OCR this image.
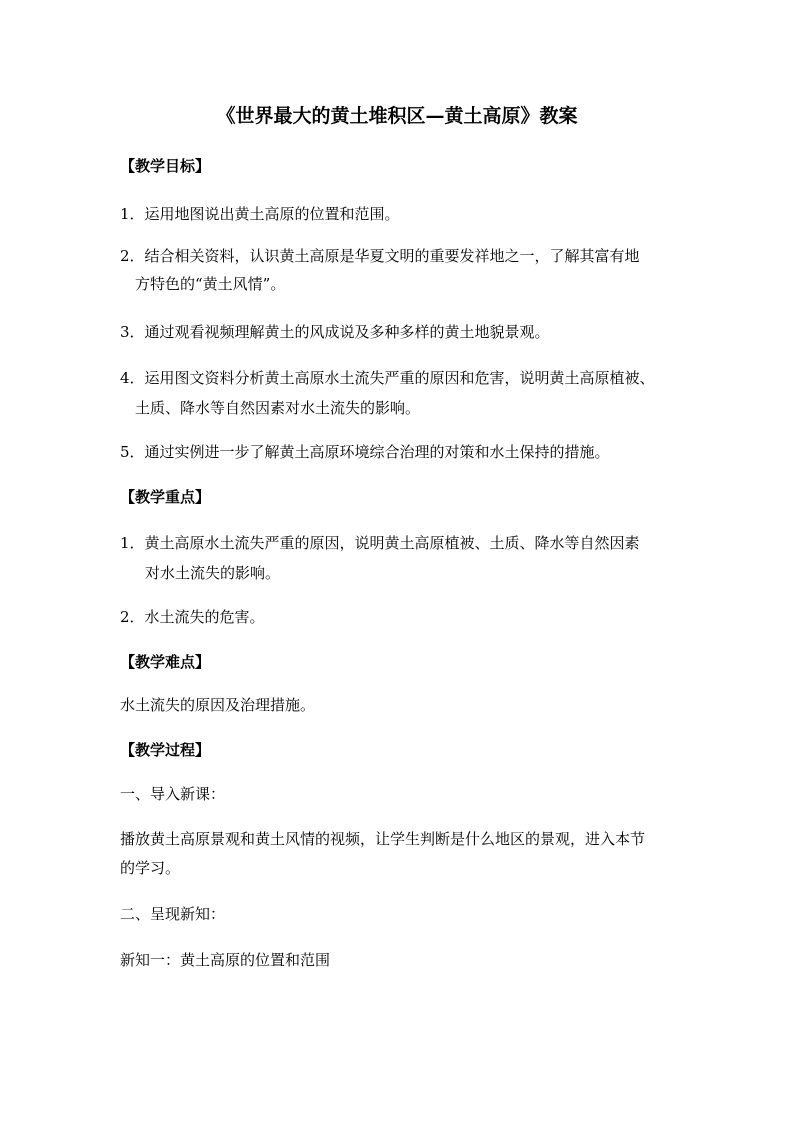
《世界最大的黄土堆积区—黄土高原》教案
【教学目标】
1．运用地图说出黄土高原的位置和范围。
2．结合相关资料，认识黄土高原是华夏文明的重要发祥地之一，了解其富有地
方特色的“黄土风情”。
3．通过观看视频理解黄土的风成说及多种多样的黄土地貌景观。
4．运用图文资料分析黄土高原水土流失严重的原因和危害，说明黄土高原植被、
土质、降水等自然因素对水土流失的影响。
5．通过实例进一步了解黄土高原环境综合治理的对策和水土保持的措施。
【教学重点】
1．黄土高原水土流失严重的原因，说明黄土高原植被、土质、降水等自然因素
对水土流失的影响。
2．水土流失的危害。
【教学难点】
水土流失的原因及治理措施。
【教学过程】
一、导入新课：
播放黄土高原景观和黄土风情的视频，让学生判断是什么地区的景观，进入本节
的学习。
二、呈现新知：
新知一：黄土高原的位置和范围
